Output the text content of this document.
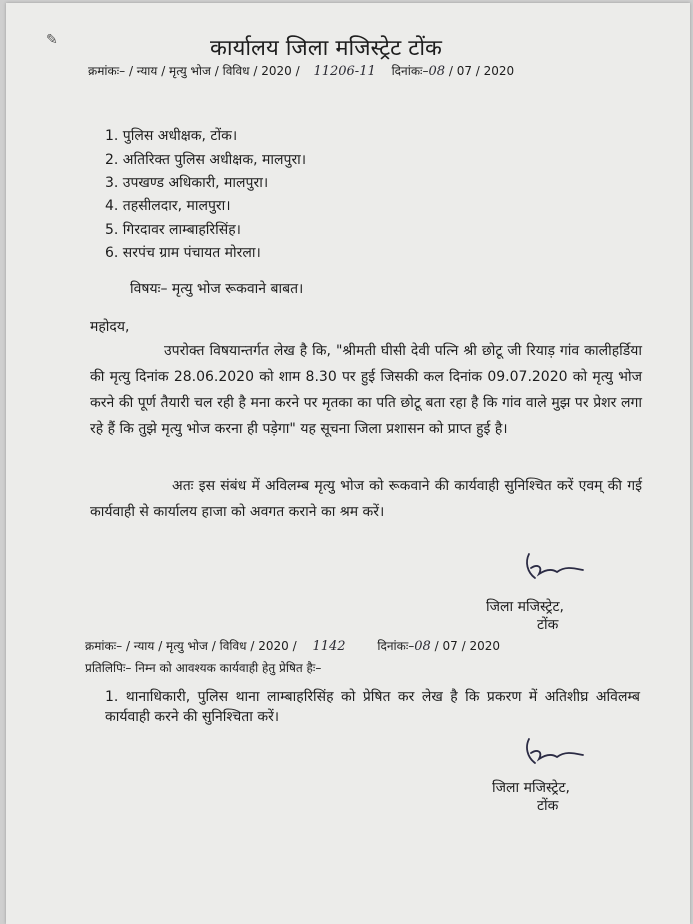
✎	कार्यालय जिला मजिस्ट्रेट टोंक
क्रमांकः– / न्याय / मृत्यु भोज / विविध / 2020 / 11206-11 दिनांकः–08 / 07 / 2020
1. पुलिस अधीक्षक, टोंक।
2. अतिरिक्त पुलिस अधीक्षक, मालपुरा।
3. उपखण्ड अधिकारी, मालपुरा।
4. तहसीलदार, मालपुरा।
5. गिरदावर लाम्बाहरिसिंह।
6. सरपंच ग्राम पंचायत मोरला।
विषयः– मृत्यु भोज रूकवाने बाबत।
महोदय,
उपरोक्त विषयान्तर्गत लेख है कि, "श्रीमती घीसी देवी पत्नि श्री छोटू जी रियाड़ गांव कालीहर्डिया की मृत्यु दिनांक 28.06.2020 को शाम 8.30 पर हुई जिसकी कल दिनांक 09.07.2020 को मृत्यु भोज करने की पूर्ण तैयारी चल रही है मना करने पर मृतका का पति छोटू बता रहा है कि गांव वाले मुझ पर प्रेशर लगा रहे हैं कि तुझे मृत्यु भोज करना ही पड़ेगा" यह सूचना जिला प्रशासन को प्राप्त हुई है।
अतः इस संबंध में अविलम्ब मृत्यु भोज को रूकवाने की कार्यवाही सुनिश्चित करें एवम् की गई कार्यवाही से कार्यालय हाजा को अवगत कराने का श्रम करें।
जिला मजिस्ट्रेट,
टोंक
क्रमांकः– / न्याय / मृत्यु भोज / विविध / 2020 / 1142	दिनांकः–08 / 07 / 2020
प्रतिलिपिः– निम्न को आवश्यक कार्यवाही हेतु प्रेषित हैः–
1. थानाधिकारी, पुलिस थाना लाम्बाहरिसिंह को प्रेषित कर लेख है कि प्रकरण में अतिशीघ्र अविलम्ब कार्यवाही करने की सुनिश्चिता करें।
जिला मजिस्ट्रेट,
टोंक
